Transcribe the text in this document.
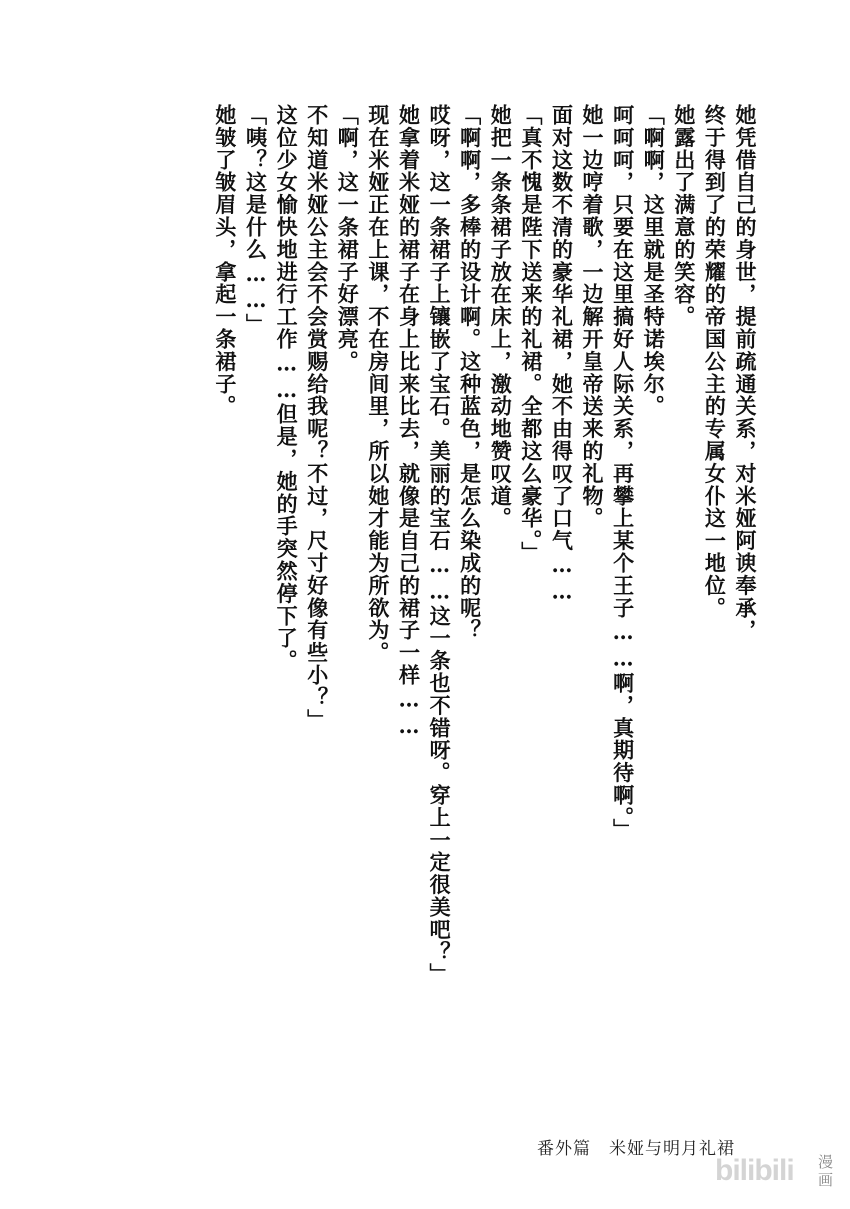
她凭借自己的身世，提前疏通关系，对米娅阿谀奉承，

终于得到了的荣耀的帝国公主的专属女仆这一地位。

她露出了满意的笑容。

「啊啊，这里就是圣特诺埃尔。

呵呵呵，只要在这里搞好人际关系，再攀上某个王子……啊，真期待啊。」

她一边哼着歌，一边解开皇帝送来的礼物。

面对这数不清的豪华礼裙，她不由得叹了口气……

「真不愧是陛下送来的礼裙。全都这么豪华。」

她把一条条裙子放在床上，激动地赞叹道。

「啊啊，多棒的设计啊。这种蓝色，是怎么染成的呢？

哎呀，这一条裙子上镶嵌了宝石。美丽的宝石……这一条也不错呀。穿上一定很美吧？」

她拿着米娅的裙子在身上比来比去，就像是自己的裙子一样……

现在米娅正在上课，不在房间里，所以她才能为所欲为。

「啊，这一条裙子好漂亮。

不知道米娅公主会不会赏赐给我呢？不过，尺寸好像有些小？」

这位少女愉快地进行工作……但是，她的手突然停下了。

「咦？这是什么……」

她皱了皱眉头，拿起一条裙子。

番外篇　米娅与明月礼裙
bilibili 漫
画
